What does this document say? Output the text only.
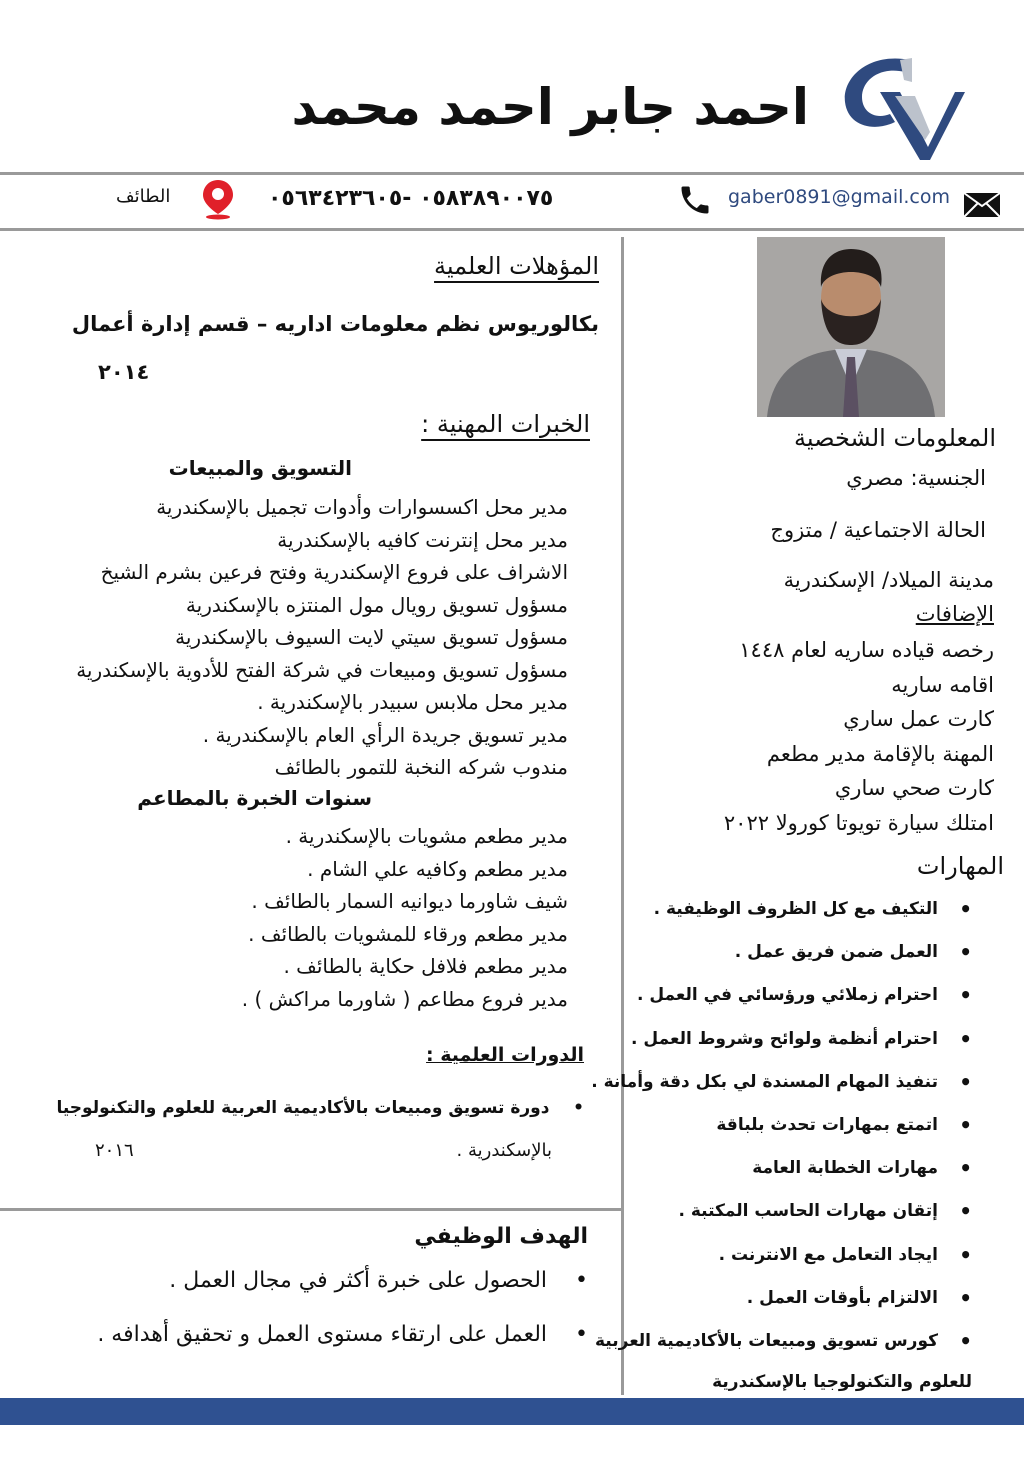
احمد جابر احمد محمد
gaber0891@gmail.com
٠٥٨٣٨٩٠٠٧٥ -٠٥٦٣٤٢٣٦٠٥
الطائف
المؤهلات العلمية
بكالوريوس نظم معلومات اداريه – قسم إدارة أعمال
٢٠١٤
الخبرات المهنية :
التسويق والمبيعات
مدير محل اكسسوارات وأدوات تجميل بالإسكندرية
مدير محل إنترنت كافيه بالإسكندرية
الاشراف على فروع الإسكندرية وفتح فرعين بشرم الشيخ
مسؤول تسويق رويال مول المنتزه بالإسكندرية
مسؤول تسويق سيتي لايت السيوف بالإسكندرية
مسؤول تسويق ومبيعات في شركة الفتح للأدوية بالإسكندرية
مدير محل ملابس سبيدر بالإسكندرية .
مدير تسويق جريدة الرأي العام بالإسكندرية .
مندوب شركه النخبة للتمور بالطائف
سنوات الخبرة بالمطاعم
مدير مطعم مشويات بالإسكندرية .
مدير مطعم وكافيه علي الشام .
شيف شاورما ديوانيه السمار بالطائف .
مدير مطعم ورقاء للمشويات بالطائف .
مدير مطعم فلافل حكاية بالطائف .
مدير فروع مطاعم ( شاورما مراكش ) .
الدورات العلمية :
•    دورة تسويق ومبيعات بالأكاديمية العربية للعلوم والتكنولوجيا
بالإسكندرية .
٢٠١٦
الهدف الوظيفي
•    الحصول على خبرة أكثر في مجال العمل .
•    العمل على ارتقاء مستوى العمل و تحقيق أهدافه .
المعلومات الشخصية
الجنسية: مصري
الحالة الاجتماعية / متزوج
مدينة الميلاد/ الإسكندرية
الإضافات
رخصه قياده ساريه لعام ١٤٤٨
اقامه ساريه
كارت عمل ساري
المهنة بالإقامة مدير مطعم
كارت صحي ساري
امتلك سيارة تويوتا كورولا ٢٠٢٢
المهارات
• التكيف مع كل الظروف الوظيفية .
• العمل ضمن فريق عمل .
• احترام زملائي ورؤسائي في العمل .
• احترام أنظمة ولوائح وشروط العمل .
• تنفيذ المهام المسندة لي بكل دقة وأمانة .
• اتمتع بمهارات تحدث بلباقة
• مهارات الخطابة العامة
• إتقان مهارات الحاسب المكتبة .
• ايجاد التعامل مع الانترنت .
• الالتزام بأوقات العمل .
• كورس تسويق ومبيعات بالأكاديمية العربية
للعلوم والتكنولوجيا بالإسكندرية
